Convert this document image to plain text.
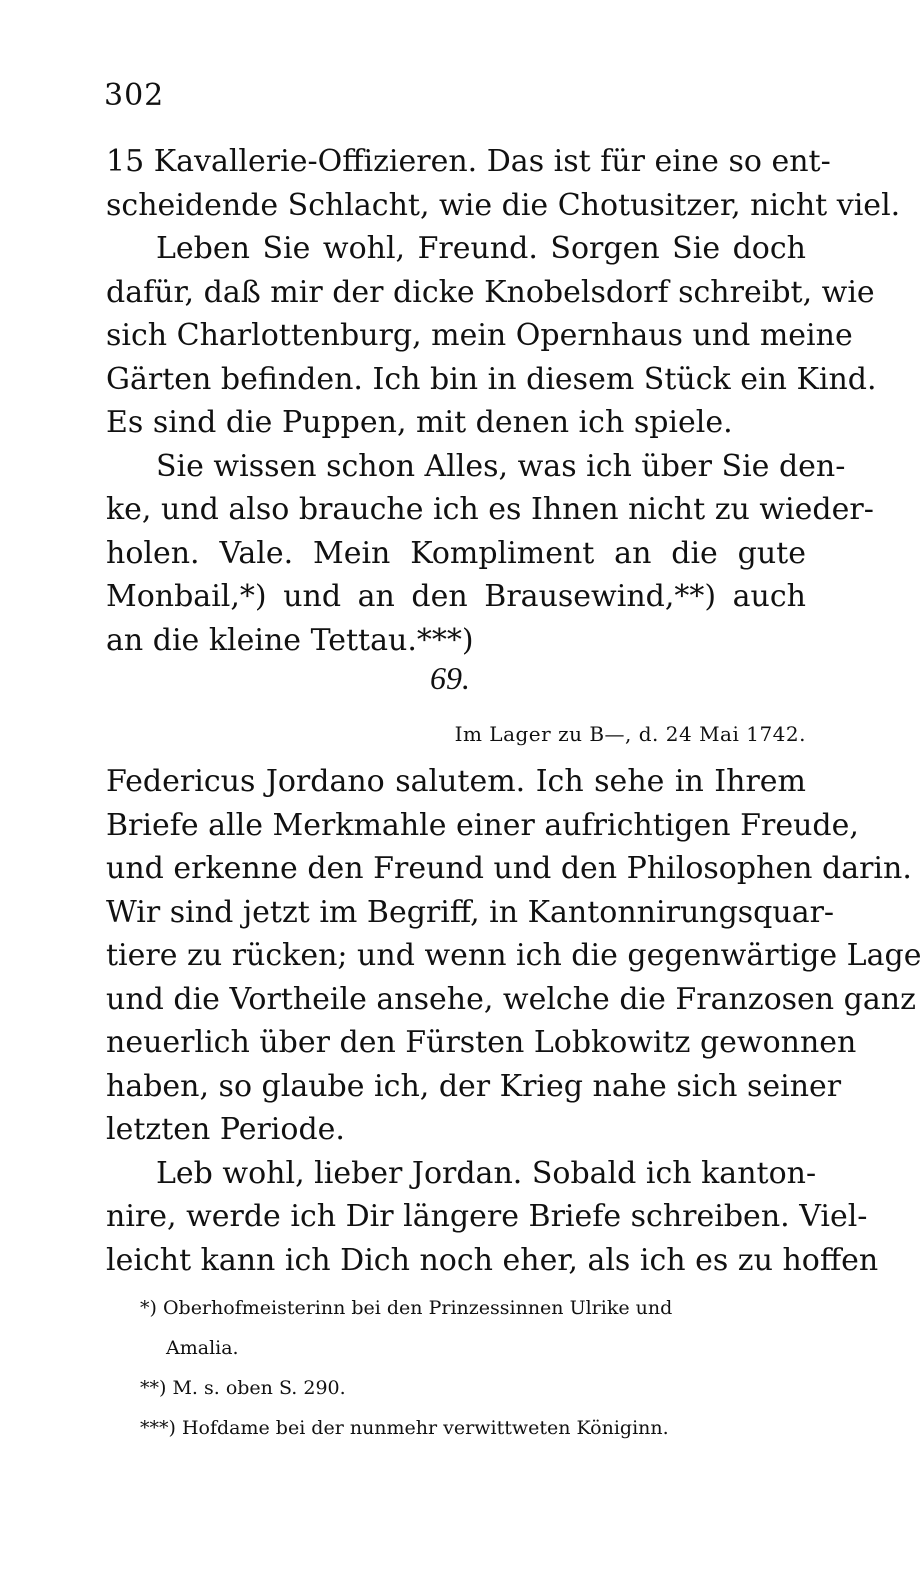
302
15 Kavallerie-Offizieren. Das ist für eine so ent-
scheidende Schlacht, wie die Chotusitzer, nicht viel.
Leben Sie wohl, Freund. Sorgen Sie doch
dafür, daß mir der dicke Knobelsdorf schreibt, wie
sich Charlottenburg, mein Opernhaus und meine
Gärten befinden. Ich bin in diesem Stück ein Kind.
Es sind die Puppen, mit denen ich spiele.
Sie wissen schon Alles, was ich über Sie den-
ke, und also brauche ich es Ihnen nicht zu wieder-
holen. Vale. Mein Kompliment an die gute
Monbail,*) und an den Brausewind,**) auch
an die kleine Tettau.***)
69.
Im Lager zu B—, d. 24 Mai 1742.
Federicus Jordano salutem. Ich sehe in Ihrem
Briefe alle Merkmahle einer aufrichtigen Freude,
und erkenne den Freund und den Philosophen darin.
Wir sind jetzt im Begriff, in Kantonnirungsquar-
tiere zu rücken; und wenn ich die gegenwärtige Lage
und die Vortheile ansehe, welche die Franzosen ganz
neuerlich über den Fürsten Lobkowitz gewonnen
haben, so glaube ich, der Krieg nahe sich seiner
letzten Periode.
Leb wohl, lieber Jordan. Sobald ich kanton-
nire, werde ich Dir längere Briefe schreiben. Viel-
leicht kann ich Dich noch eher, als ich es zu hoffen
*) Oberhofmeisterinn bei den Prinzessinnen Ulrike und
Amalia.
**) M. s. oben S. 290.
***) Hofdame bei der nunmehr verwittweten Königinn.
